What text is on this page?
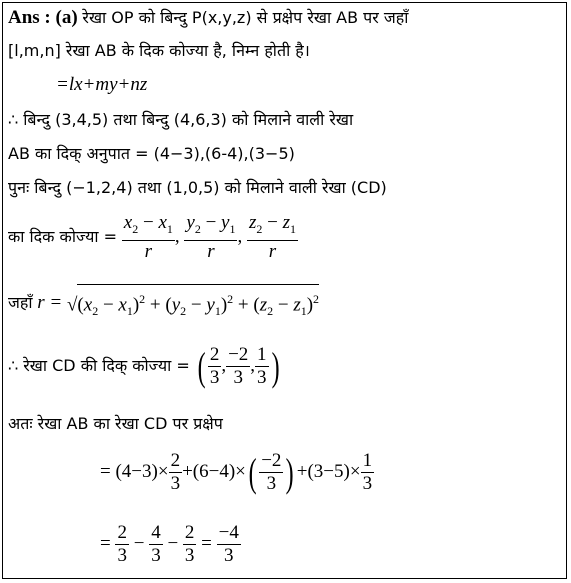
Ans : (a) रेखा OP को बिन्दु P(x,y,z) से प्रक्षेप रेखा AB पर जहाँ
[l,m,n] रेखा AB के दिक कोज्या है, निम्न होती है।
=lx+my+nz
∴ बिन्दु (3,4,5) तथा बिन्दु (4,6,3) को मिलाने वाली रेखा
AB का दिक् अनुपात = (4−3),(6-4),(3−5)
पुनः बिन्दु (−1,2,4) तथा (1,0,5) को मिलाने वाली रेखा (CD)
का दिक कोज्या = $\frac{x_2 - x_1}{r}$ , $\frac{y_2 - y_1}{r}$ , $\frac{z_2 - z_1}{r}$
जहाँ $r = √(x_2 - x_1)^2 + (y_2 - y_1)^2 + (z_2 - z_1)^2$
∴ रेखा CD की दिक् कोज्या = ( $\frac{2}{3}$ , $\frac{-2}{3}$ , $\frac{1}{3}$ )
अतः रेखा AB का रेखा CD पर प्रक्षेप
= $(4-3)\times \frac{2}{3} +(6-4)\times( \frac{-2}{3}$ ) $+(3-5)\times \frac{1}{3}$
= $\frac{2}{3} - \frac{4}{3} - \frac{2}{3} = \frac{-4}{3}$
